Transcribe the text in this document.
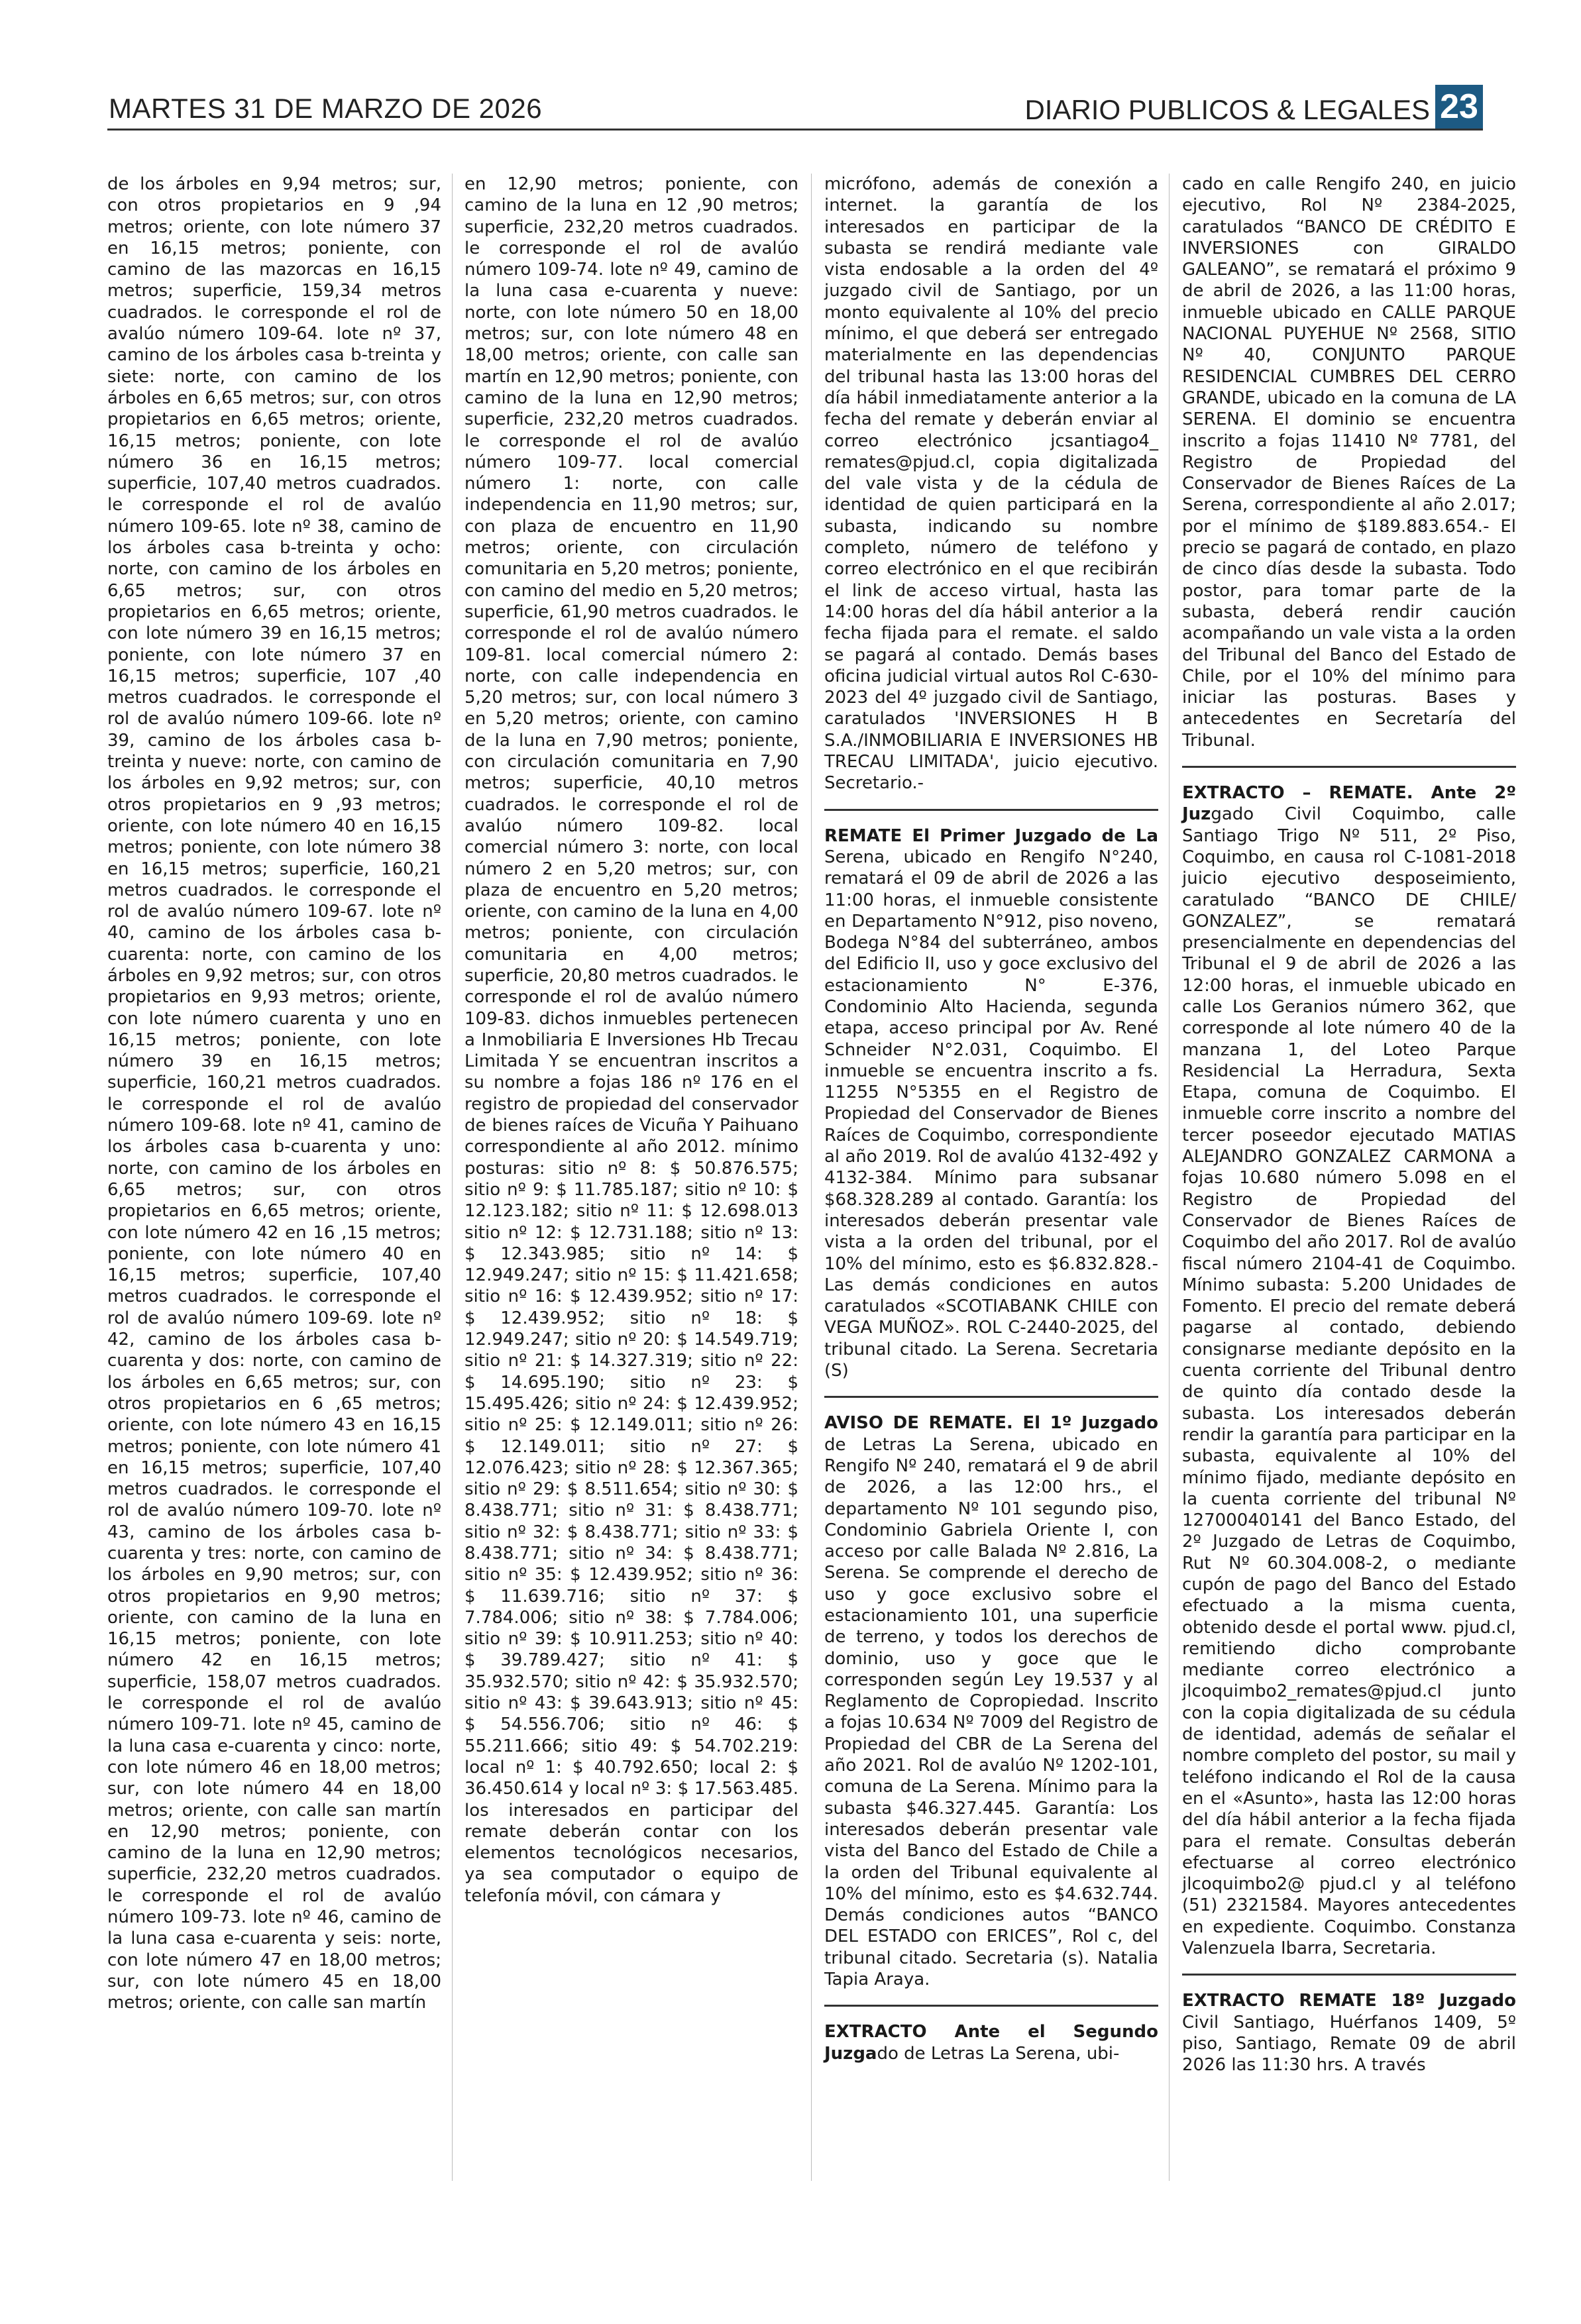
MARTES 31 DE MARZO DE 2026	DIARIO PUBLICOS & LEGALES 23

de los árboles en 9,94 metros; sur, con otros propietarios en 9 ,94 metros; oriente, con lote número 37 en 16,15 metros; poniente, con camino de las mazorcas en 16,15 metros; superficie, 159,34 metros cuadrados. le corresponde el rol de avalúo número 109-64. lote nº 37, camino de los árboles casa b-treinta y siete: norte, con camino de los árboles en 6,65 metros; sur, con otros propietarios en 6,65 metros; oriente, 16,15 metros; poniente, con lote número 36 en 16,15 metros; superficie, 107,40 metros cuadrados. le corresponde el rol de avalúo número 109-65. lote nº 38, camino de los árboles casa b-treinta y ocho: norte, con camino de los árboles en 6,65 metros; sur, con otros propietarios en 6,65 metros; oriente, con lote número 39 en 16,15 metros; poniente, con lote número 37 en 16,15 metros; superficie, 107 ,40 metros cuadrados. le corresponde el rol de avalúo número 109-66. lote nº 39, camino de los árboles casa b-treinta y nueve: norte, con camino de los árboles en 9,92 metros; sur, con otros propietarios en 9 ,93 metros; oriente, con lote número 40 en 16,15 metros; poniente, con lote número 38 en 16,15 metros; superficie, 160,21 metros cuadrados. le corresponde el rol de avalúo número 109-67. lote nº 40, camino de los árboles casa b-cuarenta: norte, con camino de los árboles en 9,92 metros; sur, con otros propietarios en 9,93 metros; oriente, con lote número cuarenta y uno en 16,15 metros; poniente, con lote número 39 en 16,15 metros; superficie, 160,21 metros cuadrados. le corresponde el rol de avalúo número 109-68. lote nº 41, camino de los árboles casa b-cuarenta y uno: norte, con camino de los árboles en 6,65 metros; sur, con otros propietarios en 6,65 metros; oriente, con lote número 42 en 16 ,15 metros; poniente, con lote número 40 en 16,15 metros; superficie, 107,40 metros cuadrados. le corresponde el rol de avalúo número 109-69. lote nº 42, camino de los árboles casa b-cuarenta y dos: norte, con camino de los árboles en 6,65 metros; sur, con otros propietarios en 6 ,65 metros; oriente, con lote número 43 en 16,15 metros; poniente, con lote número 41 en 16,15 metros; superficie, 107,40 metros cuadrados. le corresponde el rol de avalúo número 109-70. lote nº 43, camino de los árboles casa b-cuarenta y tres: norte, con camino de los árboles en 9,90 metros; sur, con otros propietarios en 9,90 metros; oriente, con camino de la luna en 16,15 metros; poniente, con lote número 42 en 16,15 metros; superficie, 158,07 metros cuadrados. le corresponde el rol de avalúo número 109-71. lote nº 45, camino de la luna casa e-cuarenta y cinco: norte, con lote número 46 en 18,00 metros; sur, con lote número 44 en 18,00 metros; oriente, con calle san martín en 12,90 metros; poniente, con camino de la luna en 12,90 metros; superficie, 232,20 metros cuadrados. le corresponde el rol de avalúo número 109-73. lote nº 46, camino de la luna casa e-cuarenta y seis: norte, con lote número 47 en 18,00 metros; sur, con lote número 45 en 18,00 metros; oriente, con calle san martín

en 12,90 metros; poniente, con camino de la luna en 12 ,90 metros; superficie, 232,20 metros cuadrados. le corresponde el rol de avalúo número 109-74. lote nº 49, camino de la luna casa e-cuarenta y nueve: norte, con lote número 50 en 18,00 metros; sur, con lote número 48 en 18,00 metros; oriente, con calle san martín en 12,90 metros; poniente, con camino de la luna en 12,90 metros; superficie, 232,20 metros cuadrados. le corresponde el rol de avalúo número 109-77. local comercial número 1: norte, con calle independencia en 11,90 metros; sur, con plaza de encuentro en 11,90 metros; oriente, con circulación comunitaria en 5,20 metros; poniente, con camino del medio en 5,20 metros; superficie, 61,90 metros cuadrados. le corresponde el rol de avalúo número 109-81. local comercial número 2: norte, con calle independencia en 5,20 metros; sur, con local número 3 en 5,20 metros; oriente, con camino de la luna en 7,90 metros; poniente, con circulación comunitaria en 7,90 metros; superficie, 40,10 metros cuadrados. le corresponde el rol de avalúo número 109-82. local comercial número 3: norte, con local número 2 en 5,20 metros; sur, con plaza de encuentro en 5,20 metros; oriente, con camino de la luna en 4,00 metros; poniente, con circulación comunitaria en 4,00 metros; superficie, 20,80 metros cuadrados. le corresponde el rol de avalúo número 109-83. dichos inmuebles pertenecen a Inmobiliaria E Inversiones Hb Trecau Limitada Y se encuentran inscritos a su nombre a fojas 186 nº 176 en el registro de propiedad del conservador de bienes raíces de Vicuña Y Paihuano correspondiente al año 2012. mínimo posturas: sitio nº 8: $ 50.876.575; sitio nº 9: $ 11.785.187; sitio nº 10: $ 12.123.182; sitio nº 11: $ 12.698.013 sitio nº 12: $ 12.731.188; sitio nº 13: $ 12.343.985; sitio nº 14: $ 12.949.247; sitio nº 15: $ 11.421.658; sitio nº 16: $ 12.439.952; sitio nº 17: $ 12.439.952; sitio nº 18: $ 12.949.247; sitio nº 20: $ 14.549.719; sitio nº 21: $ 14.327.319; sitio nº 22: $ 14.695.190; sitio nº 23: $ 15.495.426; sitio nº 24: $ 12.439.952; sitio nº 25: $ 12.149.011; sitio nº 26: $ 12.149.011; sitio nº 27: $ 12.076.423; sitio nº 28: $ 12.367.365; sitio nº 29: $ 8.511.654; sitio nº 30: $ 8.438.771; sitio nº 31: $ 8.438.771; sitio nº 32: $ 8.438.771; sitio nº 33: $ 8.438.771; sitio nº 34: $ 8.438.771; sitio nº 35: $ 12.439.952; sitio nº 36: $ 11.639.716; sitio nº 37: $ 7.784.006; sitio nº 38: $ 7.784.006; sitio nº 39: $ 10.911.253; sitio nº 40: $ 39.789.427; sitio nº 41: $ 35.932.570; sitio nº 42: $ 35.932.570; sitio nº 43: $ 39.643.913; sitio nº 45: $ 54.556.706; sitio nº 46: $ 55.211.666; sitio 49: $ 54.702.219: local nº 1: $ 40.792.650; local 2: $ 36.450.614 y local nº 3: $ 17.563.485. los interesados en participar del remate deberán contar con los elementos tecnológicos necesarios, ya sea computador o equipo de telefonía móvil, con cámara y

micrófono, además de conexión a internet. la garantía de los interesados en participar de la subasta se rendirá mediante vale vista endosable a la orden del 4º juzgado civil de Santiago, por un monto equivalente al 10% del precio mínimo, el que deberá ser entregado materialmente en las dependencias del tribunal hasta las 13:00 horas del día hábil inmediatamente anterior a la fecha del remate y deberán enviar al correo electrónico jcsantiago4_ remates@pjud.cl, copia digitalizada del vale vista y de la cédula de identidad de quien participará en la subasta, indicando su nombre completo, número de teléfono y correo electrónico en el que recibirán el link de acceso virtual, hasta las 14:00 horas del día hábil anterior a la fecha fijada para el remate. el saldo se pagará al contado. Demás bases oficina judicial virtual autos Rol C-630-2023 del 4º juzgado civil de Santiago, caratulados 'INVERSIONES H B S.A./INMOBILIARIA E INVERSIONES HB TRECAU LIMITADA', juicio ejecutivo. Secretario.-

REMATE El Primer Juzgado de La Serena, ubicado en Rengifo N°240, rematará el 09 de abril de 2026 a las 11:00 horas, el inmueble consistente en Departamento N°912, piso noveno, Bodega N°84 del subterráneo, ambos del Edificio II, uso y goce exclusivo del estacionamiento N° E-376, Condominio Alto Hacienda, segunda etapa, acceso principal por Av. René Schneider N°2.031, Coquimbo. El inmueble se encuentra inscrito a fs. 11255 N°5355 en el Registro de Propiedad del Conservador de Bienes Raíces de Coquimbo, correspondiente al año 2019. Rol de avalúo 4132-492 y 4132-384. Mínimo para subsanar $68.328.289 al contado. Garantía: los interesados deberán presentar vale vista a la orden del tribunal, por el 10% del mínimo, esto es $6.832.828.- Las demás condiciones en autos caratulados «SCOTIABANK CHILE con VEGA MUÑOZ». ROL C-2440-2025, del tribunal citado. La Serena. Secretaria (S)

AVISO DE REMATE. El 1º Juzgado de Letras La Serena, ubicado en Rengifo Nº 240, rematará el 9 de abril de 2026, a las 12:00 hrs., el departamento Nº 101 segundo piso, Condominio Gabriela Oriente I, con acceso por calle Balada Nº 2.816, La Serena. Se comprende el derecho de uso y goce exclusivo sobre el estacionamiento 101, una superficie de terreno, y todos los derechos de dominio, uso y goce que le corresponden según Ley 19.537 y al Reglamento de Copropiedad. Inscrito a fojas 10.634 Nº 7009 del Registro de Propiedad del CBR de La Serena del año 2021. Rol de avalúo Nº 1202-101, comuna de La Serena. Mínimo para la subasta $46.327.445. Garantía: Los interesados deberán presentar vale vista del Banco del Estado de Chile a la orden del Tribunal equivalente al 10% del mínimo, esto es $4.632.744. Demás condiciones autos “BANCO DEL ESTADO con ERICES”, Rol c, del tribunal citado. Secretaria (s). Natalia Tapia Araya.

EXTRACTO Ante el Segundo Juzgado de Letras La Serena, ubi-

cado en calle Rengifo 240, en juicio ejecutivo, Rol Nº 2384-2025, caratulados “BANCO DE CRÉDITO E INVERSIONES con GIRALDO GALEANO”, se rematará el próximo 9 de abril de 2026, a las 11:00 horas, inmueble ubicado en CALLE PARQUE NACIONAL PUYEHUE Nº 2568, SITIO Nº 40, CONJUNTO PARQUE RESIDENCIAL CUMBRES DEL CERRO GRANDE, ubicado en la comuna de LA SERENA. El dominio se encuentra inscrito a fojas 11410 Nº 7781, del Registro de Propiedad del Conservador de Bienes Raíces de La Serena, correspondiente al año 2.017; por el mínimo de $189.883.654.- El precio se pagará de contado, en plazo de cinco días desde la subasta. Todo postor, para tomar parte de la subasta, deberá rendir caución acompañando un vale vista a la orden del Tribunal del Banco del Estado de Chile, por el 10% del mínimo para iniciar las posturas. Bases y antecedentes en Secretaría del Tribunal.

EXTRACTO – REMATE. Ante 2º Juzgado Civil Coquimbo, calle Santiago Trigo Nº 511, 2º Piso, Coquimbo, en causa rol C-1081-2018 juicio ejecutivo desposeimiento, caratulado “BANCO DE CHILE/ GONZALEZ”, se rematará presencialmente en dependencias del Tribunal el 9 de abril de 2026 a las 12:00 horas, el inmueble ubicado en calle Los Geranios número 362, que corresponde al lote número 40 de la manzana 1, del Loteo Parque Residencial La Herradura, Sexta Etapa, comuna de Coquimbo. El inmueble corre inscrito a nombre del tercer poseedor ejecutado MATIAS ALEJANDRO GONZALEZ CARMONA a fojas 10.680 número 5.098 en el Registro de Propiedad del Conservador de Bienes Raíces de Coquimbo del año 2017. Rol de avalúo fiscal número 2104-41 de Coquimbo. Mínimo subasta: 5.200 Unidades de Fomento. El precio del remate deberá pagarse al contado, debiendo consignarse mediante depósito en la cuenta corriente del Tribunal dentro de quinto día contado desde la subasta. Los interesados deberán rendir la garantía para participar en la subasta, equivalente al 10% del mínimo fijado, mediante depósito en la cuenta corriente del tribunal Nº 12700040141 del Banco Estado, del 2º Juzgado de Letras de Coquimbo, Rut Nº 60.304.008-2, o mediante cupón de pago del Banco del Estado efectuado a la misma cuenta, obtenido desde el portal www. pjud.cl, remitiendo dicho comprobante mediante correo electrónico a jlcoquimbo2_remates@pjud.cl junto con la copia digitalizada de su cédula de identidad, además de señalar el nombre completo del postor, su mail y teléfono indicando el Rol de la causa en el «Asunto», hasta las 12:00 horas del día hábil anterior a la fecha fijada para el remate. Consultas deberán efectuarse al correo electrónico jlcoquimbo2@ pjud.cl y al teléfono (51) 2321584. Mayores antecedentes en expediente. Coquimbo. Constanza Valenzuela Ibarra, Secretaria.

EXTRACTO REMATE 18º Juzgado Civil Santiago, Huérfanos 1409, 5º piso, Santiago, Remate 09 de abril 2026 las 11:30 hrs. A través
